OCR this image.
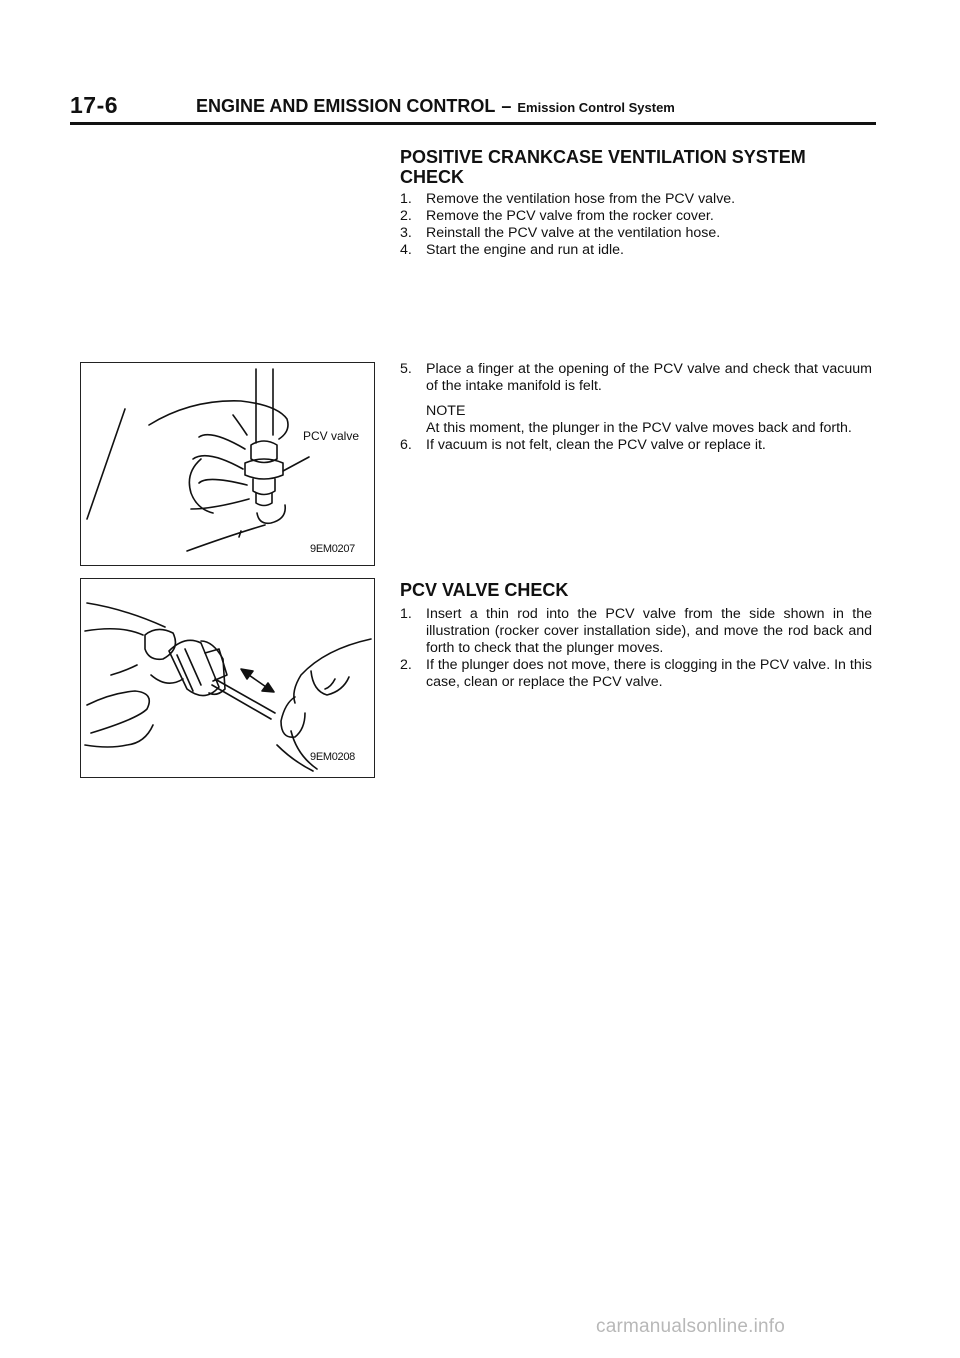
17-6	ENGINE AND EMISSION CONTROL – Emission Control System
PCV valve
9EM0207
9EM0208
POSITIVE CRANKCASE VENTILATION SYSTEM
CHECK
1. Remove the ventilation hose from the PCV valve.
2. Remove the PCV valve from the rocker cover.
3. Reinstall the PCV valve at the ventilation hose.
4. Start the engine and run at idle.
5. Place a finger at the opening of the PCV valve and check that vacuum of the intake manifold is felt.
NOTE
At this moment, the plunger in the PCV valve moves back and forth.
6. If vacuum is not felt, clean the PCV valve or replace it.
PCV VALVE CHECK
1. Insert a thin rod into the PCV valve from the side shown in the illustration (rocker cover installation side), and move the rod back and forth to check that the plunger moves.
2. If the plunger does not move, there is clogging in the PCV valve. In this case, clean or replace the PCV valve.
carmanualsonline.info
